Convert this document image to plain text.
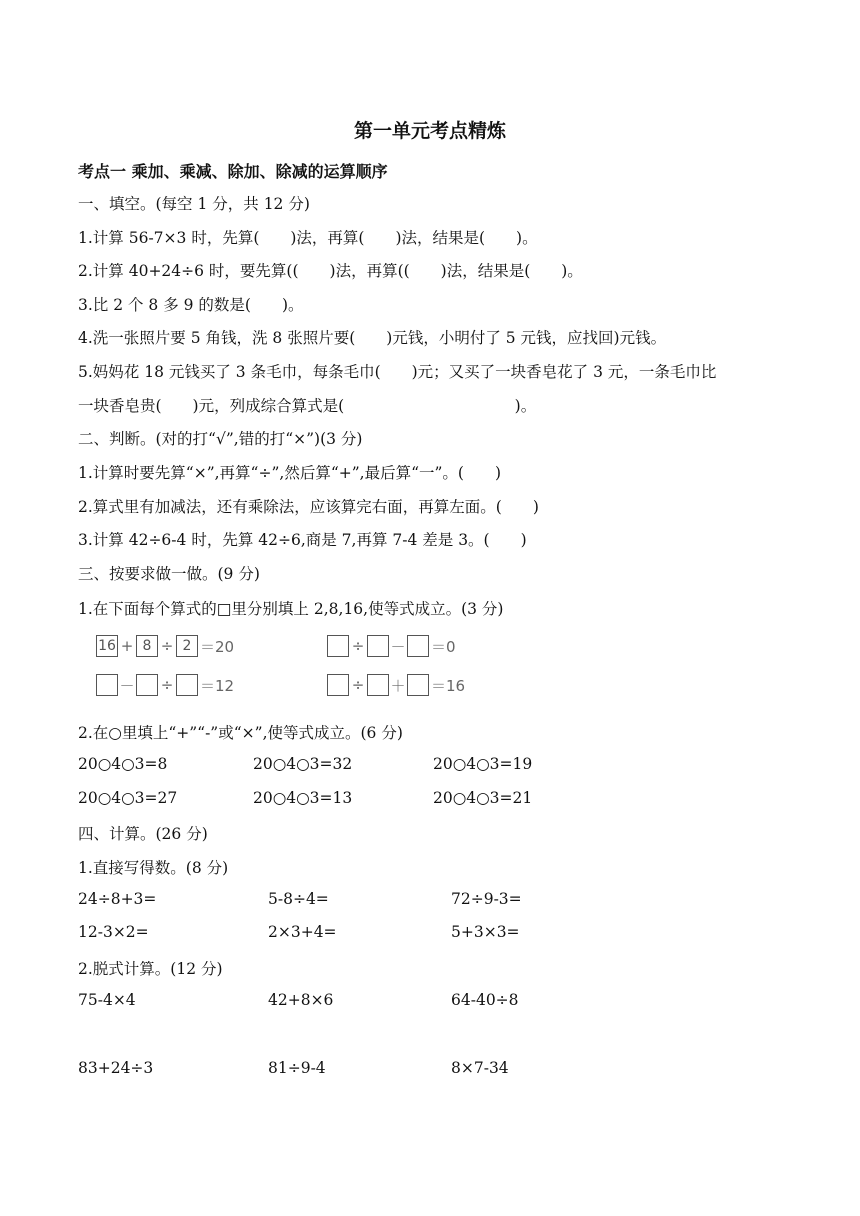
第一单元考点精炼
考点一 乘加、乘减、除加、除减的运算顺序
一、填空。(每空 1 分，共 12 分)
1.计算 56-7×3 时，先算(　　)法，再算(　　)法，结果是(　　)。
2.计算 40+24÷6 时，要先算((　　)法，再算((　　)法，结果是(　　)。
3.比 2 个 8 多 9 的数是(　　)。
4.洗一张照片要 5 角钱，洗 8 张照片要(　　)元钱，小明付了 5 元钱，应找回)元钱。
5.妈妈花 18 元钱买了 3 条毛巾，每条毛巾(　　)元；又买了一块香皂花了 3 元，一条毛巾比
一块香皂贵(　　)元，列成综合算式是(　　　　　　　　　　　)。
二、判断。(对的打“√”,错的打“×”)(3 分)
1.计算时要先算“×”,再算“÷”,然后算“+”,最后算“一”。(　　)
2.算式里有加减法，还有乘除法，应该算完右面，再算左面。(　　)
3.计算 42÷6-4 时，先算 42÷6,商是 7,再算 7-4 差是 3。(　　)
三、按要求做一做。(9 分)
1.在下面每个算式的□里分别填上 2,8,16,使等式成立。(3 分)
16 + 8 ÷ 2 ＝20	÷ － ＝0
－ ÷ ＝12	÷ ＋ ＝16
2.在○里填上“+”“-”或“×”,使等式成立。(6 分)
20○4○3=8	20○4○3=32	20○4○3=19
20○4○3=27	20○4○3=13	20○4○3=21
四、计算。(26 分)
1.直接写得数。(8 分)
24÷8+3=	5-8÷4=	72÷9-3=
12-3×2=	2×3+4=	5+3×3=
2.脱式计算。(12 分)
75-4×4	42+8×6	64-40÷8
83+24÷3	81÷9-4	8×7-34
